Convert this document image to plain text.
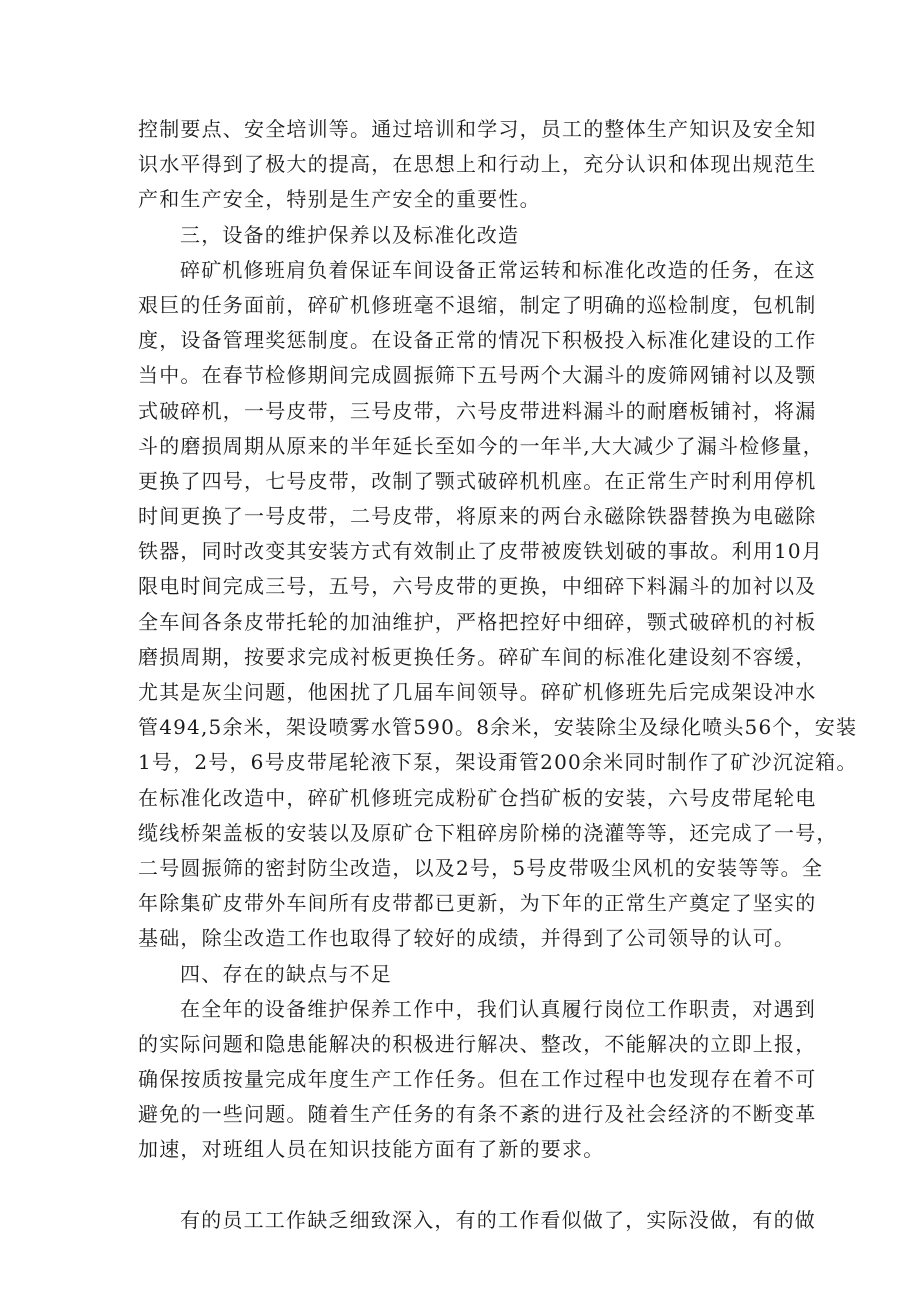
控制要点、安全培训等。通过培训和学习，员工的整体生产知识及安全知
识水平得到了极大的提高，在思想上和行动上，充分认识和体现出规范生
产和生产安全，特别是生产安全的重要性。
三，设备的维护保养以及标准化改造
碎矿机修班肩负着保证车间设备正常运转和标准化改造的任务，在这
艰巨的任务面前，碎矿机修班毫不退缩，制定了明确的巡检制度，包机制
度，设备管理奖惩制度。在设备正常的情况下积极投入标准化建设的工作
当中。在春节检修期间完成圆振筛下五号两个大漏斗的废筛网铺衬以及颚
式破碎机，一号皮带，三号皮带，六号皮带进料漏斗的耐磨板铺衬，将漏
斗的磨损周期从原来的半年延长至如今的一年半,大大减少了漏斗检修量，
更换了四号，七号皮带，改制了颚式破碎机机座。在正常生产时利用停机
时间更换了一号皮带，二号皮带，将原来的两台永磁除铁器替换为电磁除
铁器，同时改变其安装方式有效制止了皮带被废铁划破的事故。利用10月
限电时间完成三号，五号，六号皮带的更换，中细碎下料漏斗的加衬以及
全车间各条皮带托轮的加油维护，严格把控好中细碎，颚式破碎机的衬板
磨损周期，按要求完成衬板更换任务。碎矿车间的标准化建设刻不容缓，
尤其是灰尘问题，他困扰了几届车间领导。碎矿机修班先后完成架设冲水
管494,5余米，架设喷雾水管590。8余米，安装除尘及绿化喷头56个，安装
1号，2号，6号皮带尾轮液下泵，架设甭管200余米同时制作了矿沙沉淀箱。
在标准化改造中，碎矿机修班完成粉矿仓挡矿板的安装，六号皮带尾轮电
缆线桥架盖板的安装以及原矿仓下粗碎房阶梯的浇灌等等，还完成了一号，
二号圆振筛的密封防尘改造，以及2号，5号皮带吸尘风机的安装等等。全
年除集矿皮带外车间所有皮带都已更新，为下年的正常生产奠定了坚实的
基础，除尘改造工作也取得了较好的成绩，并得到了公司领导的认可。
四、存在的缺点与不足
在全年的设备维护保养工作中，我们认真履行岗位工作职责，对遇到
的实际问题和隐患能解决的积极进行解决、整改，不能解决的立即上报，
确保按质按量完成年度生产工作任务。但在工作过程中也发现存在着不可
避免的一些问题。随着生产任务的有条不紊的进行及社会经济的不断变革
加速，对班组人员在知识技能方面有了新的要求。
有的员工工作缺乏细致深入，有的工作看似做了，实际没做，有的做
